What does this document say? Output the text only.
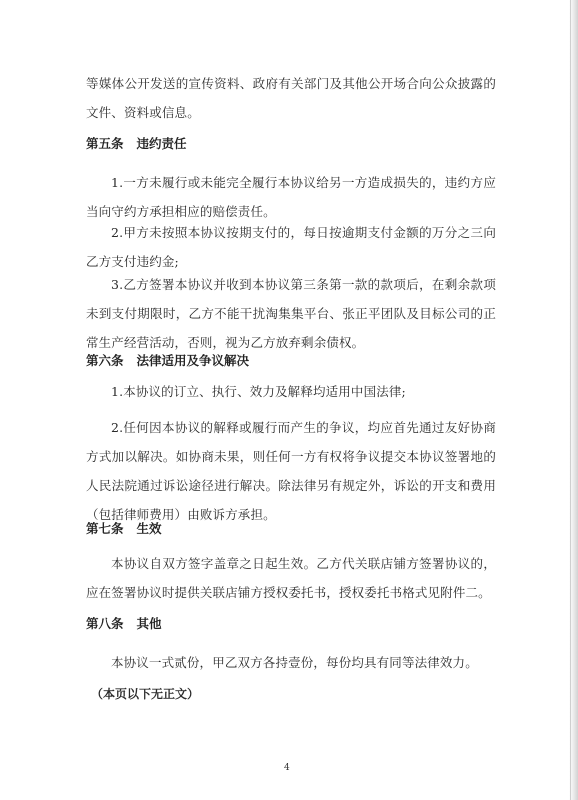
等媒体公开发送的宣传资料、政府有关部门及其他公开场合向公众披露的文件、资料或信息。

第五条 违约责任

1.一方未履行或未能完全履行本协议给另一方造成损失的，违约方应当向守约方承担相应的赔偿责任。

2.甲方未按照本协议按期支付的，每日按逾期支付金额的万分之三向乙方支付违约金;

3.乙方签署本协议并收到本协议第三条第一款的款项后，在剩余款项未到支付期限时，乙方不能干扰淘集集平台、张正平团队及目标公司的正常生产经营活动，否则，视为乙方放弃剩余债权。

第六条 法律适用及争议解决

1.本协议的订立、执行、效力及解释均适用中国法律;

2.任何因本协议的解释或履行而产生的争议，均应首先通过友好协商方式加以解决。如协商未果，则任何一方有权将争议提交本协议签署地的人民法院通过诉讼途径进行解决。除法律另有规定外，诉讼的开支和费用（包括律师费用）由败诉方承担。

第七条 生效

本协议自双方签字盖章之日起生效。乙方代关联店铺方签署协议的，应在签署协议时提供关联店铺方授权委托书，授权委托书格式见附件二。

第八条 其他

本协议一式贰份，甲乙双方各持壹份，每份均具有同等法律效力。

（本页以下无正文）

4
